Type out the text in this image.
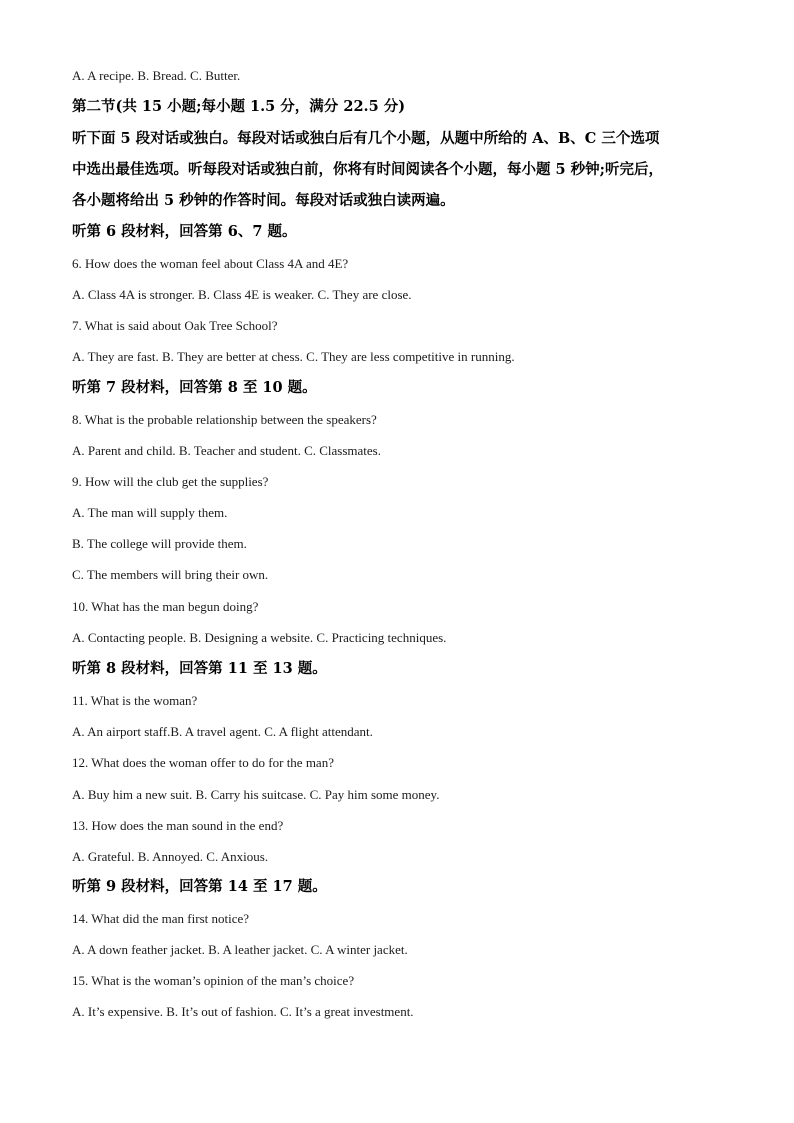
A. A recipe. B. Bread. C. Butter.
第二节(共 15 小题;每小题 1.5 分，满分 22.5 分)
听下面 5 段对话或独白。每段对话或独白后有几个小题，从题中所给的 A、B、C 三个选项
中选出最佳选项。听每段对话或独白前，你将有时间阅读各个小题，每小题 5 秒钟;听完后，
各小题将给出 5 秒钟的作答时间。每段对话或独白读两遍。
听第 6 段材料，回答第 6、7 题。
6. How does the woman feel about Class 4A and 4E?
A. Class 4A is stronger. B. Class 4E is weaker. C. They are close.
7. What is said about Oak Tree School?
A. They are fast. B. They are better at chess. C. They are less competitive in running.
听第 7 段材料，回答第 8 至 10 题。
8. What is the probable relationship between the speakers?
A. Parent and child. B. Teacher and student. C. Classmates.
9. How will the club get the supplies?
A. The man will supply them.
B. The college will provide them.
C. The members will bring their own.
10. What has the man begun doing?
A. Contacting people. B. Designing a website. C. Practicing techniques.
听第 8 段材料，回答第 11 至 13 题。
11. What is the woman?
A. An airport staff.B. A travel agent. C. A flight attendant.
12. What does the woman offer to do for the man?
A. Buy him a new suit. B. Carry his suitcase. C. Pay him some money.
13. How does the man sound in the end?
A. Grateful. B. Annoyed. C. Anxious.
听第 9 段材料，回答第 14 至 17 题。
14. What did the man first notice?
A. A down feather jacket. B. A leather jacket. C. A winter jacket.
15. What is the woman’s opinion of the man’s choice?
A. It’s expensive. B. It’s out of fashion. C. It’s a great investment.
